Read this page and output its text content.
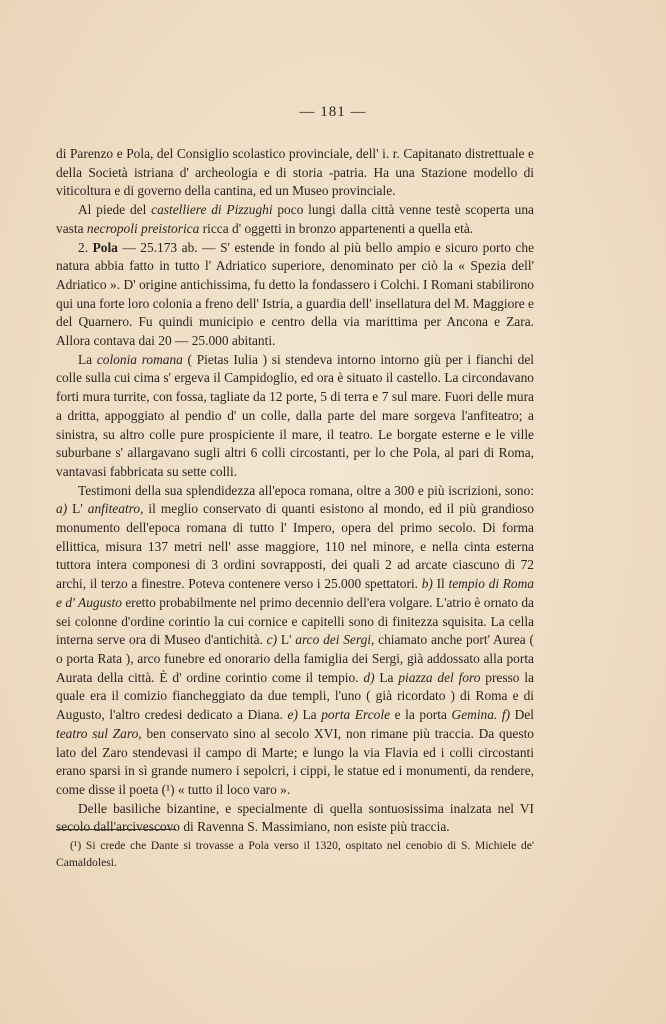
— 181 —

di Parenzo e Pola, del Consiglio scolastico provinciale, dell' i. r. Capitanato distrettuale e della Società istriana d' archeologia e di storia -patria. Ha una Stazione modello di viticoltura e di governo della cantina, ed un Museo provinciale.

Al piede del castelliere di Pizzughi poco lungi dalla città venne testè scoperta una vasta necropoli preistorica ricca d' oggetti in bronzo appartenenti a quella età.

2. Pola — 25.173 ab. — S' estende in fondo al più bello ampio e sicuro porto che natura abbia fatto in tutto l' Adriatico superiore, denominato per ciò la « Spezia dell' Adriatico ». D' origine antichissima, fu detto la fondassero i Colchi. I Romani stabilirono qui una forte loro colonia a freno dell' Istria, a guardia dell' insellatura del M. Maggiore e del Quarnero. Fu quindi municipio e centro della via marittima per Ancona e Zara. Allora contava dai 20 — 25.000 abitanti.

La colonia romana ( Pietas Iulia ) si stendeva intorno intorno giù per i fianchi del colle sulla cui cima s' ergeva il Campidoglio, ed ora è situato il castello. La circondavano forti mura turrite, con fossa, tagliate da 12 porte, 5 di terra e 7 sul mare. Fuori delle mura a dritta, appoggiato al pendio d' un colle, dalla parte del mare sorgeva l'anfiteatro; a sinistra, su altro colle pure prospiciente il mare, il teatro. Le borgate esterne e le ville suburbane s' allargavano sugli altri 6 colli circostanti, per lo che Pola, al pari di Roma, vantavasi fabbricata su sette colli.

Testimoni della sua splendidezza all'epoca romana, oltre a 300 e più iscrizioni, sono: a) L' anfiteatro, il meglio conservato di quanti esistono al mondo, ed il più grandioso monumento dell'epoca romana di tutto l' Impero, opera del primo secolo. Di forma ellittica, misura 137 metri nell' asse maggiore, 110 nel minore, e nella cinta esterna tuttora intera componesi di 3 ordini sovrapposti, dei quali 2 ad arcate ciascuno di 72 archi, il terzo a finestre. Poteva contenere verso i 25.000 spettatori. b) Il tempio di Roma e d' Augusto eretto probabilmente nel primo decennio dell'era volgare. L'atrio è ornato da sei colonne d'ordine corintio la cui cornice e capitelli sono di finitezza squisita. La cella interna serve ora di Museo d'antichità. c) L' arco dei Sergi, chiamato anche port' Aurea ( o porta Rata ), arco funebre ed onorario della famiglia dei Sergi, già addossato alla porta Aurata della città. È d' ordine corintio come il tempio. d) La piazza del foro presso la quale era il comizio fiancheggiato da due templi, l'uno ( già ricordato ) di Roma e di Augusto, l'altro credesi dedicato a Diana. e) La porta Ercole e la porta Gemina. f) Del teatro sul Zaro, ben conservato sino al secolo XVI, non rimane più traccia. Da questo lato del Zaro stendevasi il campo di Marte; e lungo la via Flavia ed i colli circostanti erano sparsi in sì grande numero i sepolcri, i cippi, le statue ed i monumenti, da rendere, come disse il poeta (¹) « tutto il loco varo ».

Delle basiliche bizantine, e specialmente di quella sontuosissima inalzata nel VI secolo dall'arcivescovo di Ravenna S. Massimiano, non esiste più traccia.

(¹) Si crede che Dante si trovasse a Pola verso il 1320, ospitato nel cenobio di S. Michiele de' Camaldolesi.
